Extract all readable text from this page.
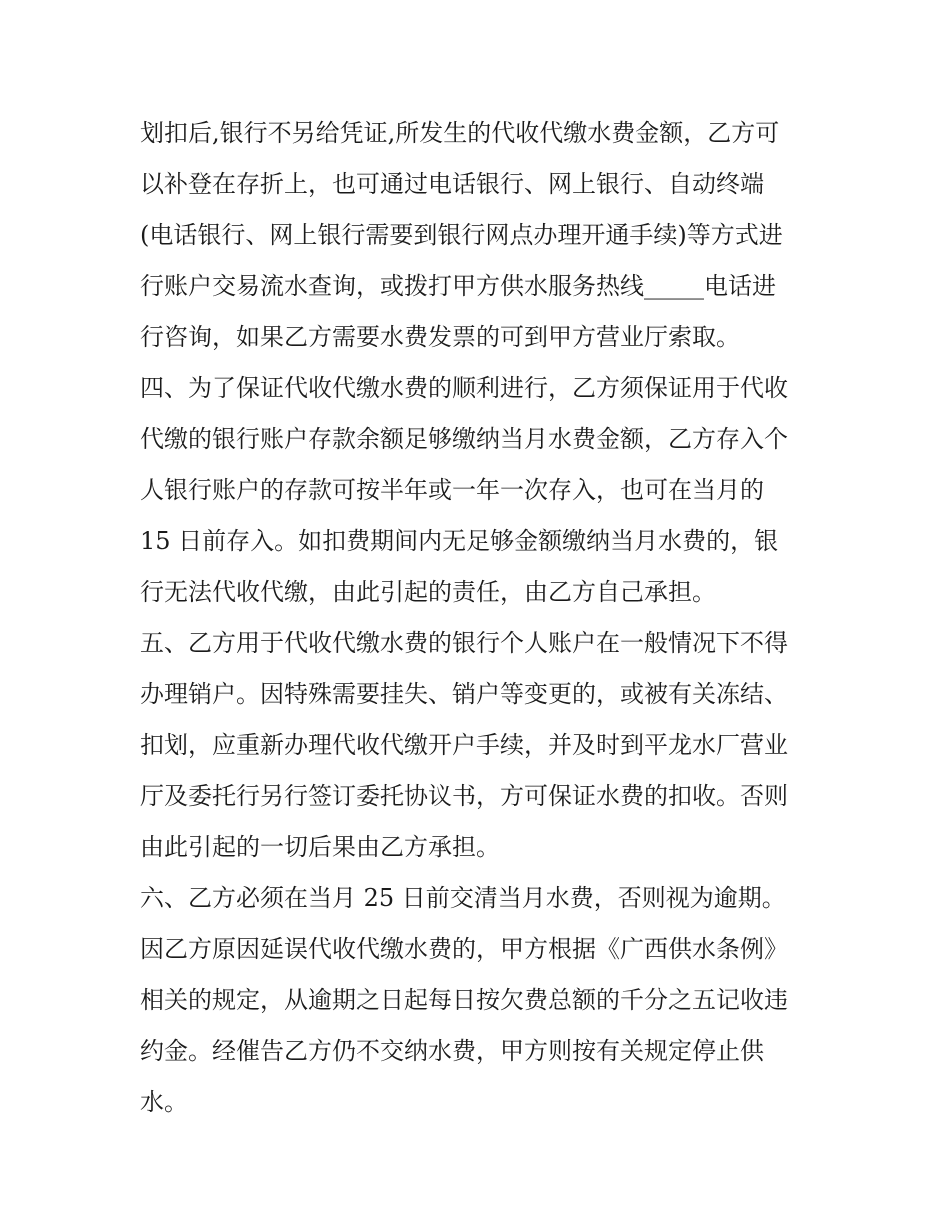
划扣后,银行不另给凭证,所发生的代收代缴水费金额，乙方可
以补登在存折上，也可通过电话银行、网上银行、自动终端
(电话银行、网上银行需要到银行网点办理开通手续)等方式进
行账户交易流水查询，或拨打甲方供水服务热线_____电话进
行咨询，如果乙方需要水费发票的可到甲方营业厅索取。
四、为了保证代收代缴水费的顺利进行，乙方须保证用于代收
代缴的银行账户存款余额足够缴纳当月水费金额，乙方存入个
人银行账户的存款可按半年或一年一次存入，也可在当月的
15 日前存入。如扣费期间内无足够金额缴纳当月水费的，银
行无法代收代缴，由此引起的责任，由乙方自己承担。
五、乙方用于代收代缴水费的银行个人账户在一般情况下不得
办理销户。因特殊需要挂失、销户等变更的，或被有关冻结、
扣划，应重新办理代收代缴开户手续，并及时到平龙水厂营业
厅及委托行另行签订委托协议书，方可保证水费的扣收。否则
由此引起的一切后果由乙方承担。
六、乙方必须在当月 25 日前交清当月水费，否则视为逾期。
因乙方原因延误代收代缴水费的，甲方根据《广西供水条例》
相关的规定，从逾期之日起每日按欠费总额的千分之五记收违
约金。经催告乙方仍不交纳水费，甲方则按有关规定停止供
水。
